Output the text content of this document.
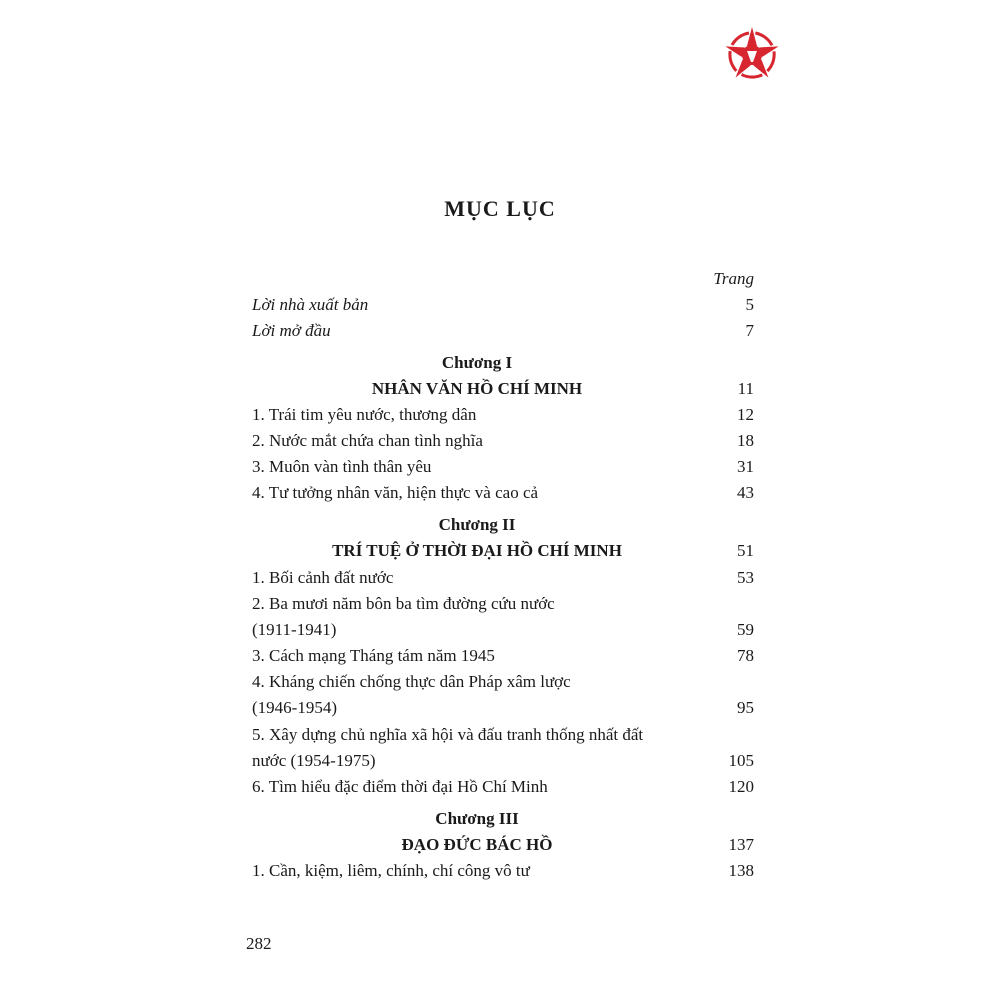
MỤC LỤC
Trang
Lời nhà xuất bản	5
Lời mở đầu	7
Chương I
NHÂN VĂN HỒ CHÍ MINH	11
1. Trái tim yêu nước, thương dân	12
2. Nước mắt chứa chan tình nghĩa	18
3. Muôn vàn tình thân yêu	31
4. Tư tưởng nhân văn, hiện thực và cao cả	43
Chương II
TRÍ TUỆ Ở THỜI ĐẠI HỒ CHÍ MINH	51
1. Bối cảnh đất nước	53
2. Ba mươi năm bôn ba tìm đường cứu nước
(1911-1941)	59
3. Cách mạng Tháng tám năm 1945	78
4. Kháng chiến chống thực dân Pháp xâm lược
(1946-1954)	95
5. Xây dựng chủ nghĩa xã hội và đấu tranh thống nhất đất
nước (1954-1975)	105
6. Tìm hiểu đặc điểm thời đại Hồ Chí Minh	120
Chương III
ĐẠO ĐỨC BÁC HỒ	137
1. Cần, kiệm, liêm, chính, chí công vô tư	138
282
